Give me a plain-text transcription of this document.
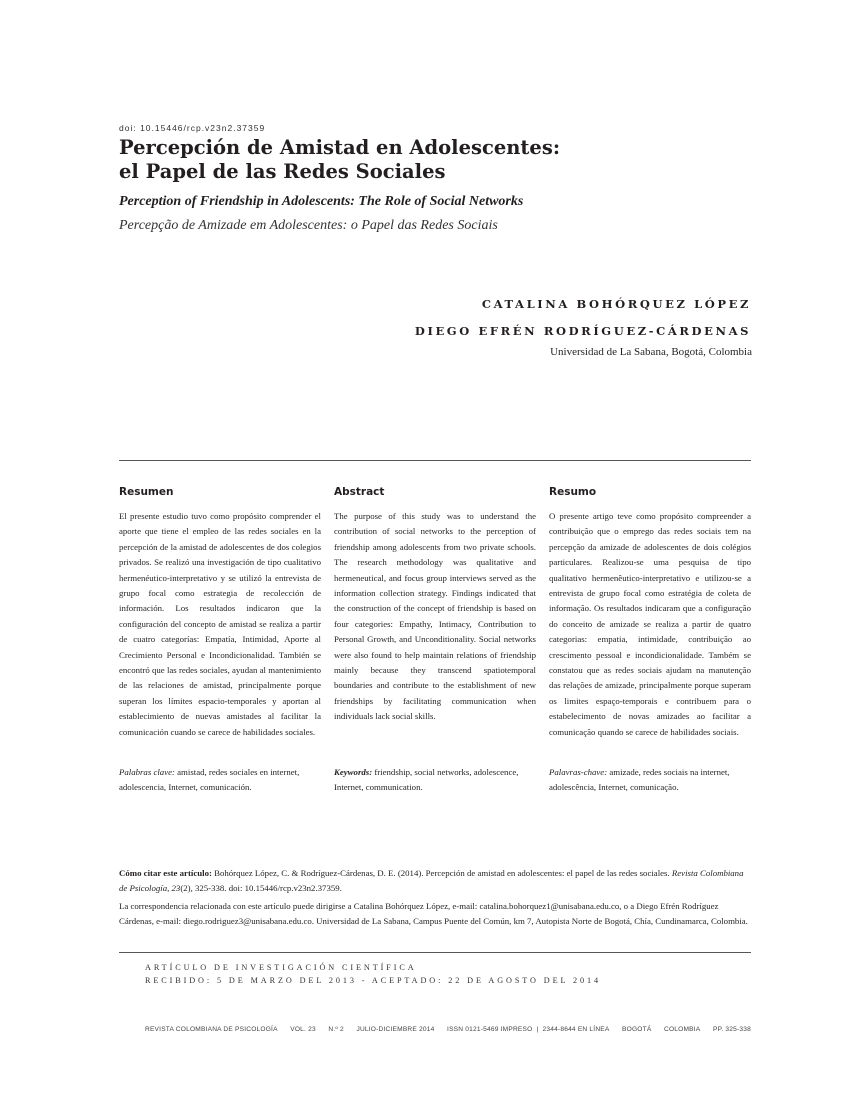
doi: 10.15446/rcp.v23n2.37359
Percepción de Amistad en Adolescentes:
el Papel de las Redes Sociales
Perception of Friendship in Adolescents: The Role of Social Networks
Percepção de Amizade em Adolescentes: o Papel das Redes Sociais
CATALINA BOHÓRQUEZ LÓPEZ
DIEGO EFRÉN RODRÍGUEZ-CÁRDENAS
Universidad de La Sabana, Bogotá, Colombia
Resumen

El presente estudio tuvo como propósito comprender el aporte que tiene el empleo de las redes sociales en la percepción de la amistad de adolescentes de dos colegios privados. Se realizó una investigación de tipo cualitativo hermenéutico-interpretativo y se utilizó la entrevista de grupo focal como estrategia de recolección de información. Los resultados indicaron que la configuración del concepto de amistad se realiza a partir de cuatro categorías: Empatía, Intimidad, Aporte al Crecimiento Personal e Incondicionalidad. También se encontró que las redes sociales, ayudan al mantenimiento de las relaciones de amistad, principalmente porque superan los límites espacio-temporales y aportan al establecimiento de nuevas amistades al facilitar la comunicación cuando se carece de habilidades sociales.

Abstract

The purpose of this study was to understand the contribution of social networks to the perception of friendship among adolescents from two private schools. The research methodology was qualitative and hermeneutical, and focus group interviews served as the information collection strategy. Findings indicated that the construction of the concept of friendship is based on four categories: Empathy, Intimacy, Contribution to Personal Growth, and Unconditionality. Social networks were also found to help maintain relations of friendship mainly because they transcend spatiotemporal boundaries and contribute to the establishment of new friendships by facilitating communication when individuals lack social skills.

Resumo

O presente artigo teve como propósito compreender a contribuição que o emprego das redes sociais tem na percepção da amizade de adolescentes de dois colégios particulares. Realizou-se uma pesquisa de tipo qualitativo hermenêutico-interpretativo e utilizou-se a entrevista de grupo focal como estratégia de coleta de informação. Os resultados indicaram que a configuração do conceito de amizade se realiza a partir de quatro categorias: empatia, intimidade, contribuição ao crescimento pessoal e incondicionalidade. Também se constatou que as redes sociais ajudam na manutenção das relações de amizade, principalmente porque superam os limites espaço-temporais e contribuem para o estabelecimento de novas amizades ao facilitar a comunicação quando se carece de habilidades sociais.

Palabras clave: amistad, redes sociales en internet, adolescencia, Internet, comunicación.
Keywords: friendship, social networks, adolescence, Internet, communication.
Palavras-chave: amizade, redes sociais na internet, adolescência, Internet, comunicação.
Cómo citar este artículo: Bohórquez López, C. & Rodríguez-Cárdenas, D. E. (2014). Percepción de amistad en adolescentes: el papel de las redes sociales. Revista Colombiana de Psicología, 23(2), 325-338. doi: 10.15446/rcp.v23n2.37359.
La correspondencia relacionada con este artículo puede dirigirse a Catalina Bohórquez López, e-mail: catalina.bohorquez1@unisabana.edu.co, o a Diego Efrén Rodríguez Cárdenas, e-mail: diego.rodriguez3@unisabana.edu.co. Universidad de La Sabana, Campus Puente del Común, km 7, Autopista Norte de Bogotá, Chía, Cundinamarca, Colombia.
ARTÍCULO DE INVESTIGACIÓN CIENTÍFICA
RECIBIDO: 5 DE MARZO DEL 2013 - ACEPTADO: 22 DE AGOSTO DEL 2014
REVISTA COLOMBIANA DE PSICOLOGÍA VOL. 23 N.º 2 JULIO-DICIEMBRE 2014 ISSN 0121-5469 IMPRESO  |  2344-8644 EN LÍNEA BOGOTÁ COLOMBIA PP. 325-338
